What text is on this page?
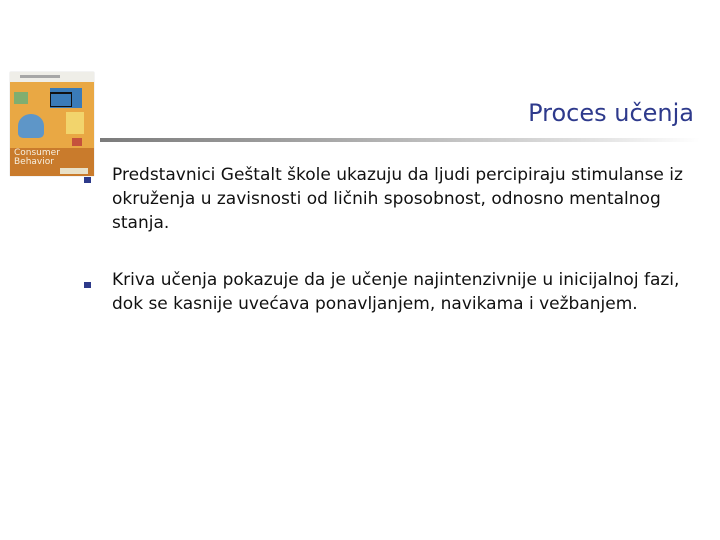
Consumer
Behavior
Proces učenja
Predstavnici Geštalt škole ukazuju da ljudi percipiraju stimulanse iz okruženja u zavisnosti od ličnih sposobnost, odnosno mentalnog stanja.
Kriva učenja pokazuje da je učenje najintenzivnije u inicijalnoj fazi, dok se kasnije uvećava ponavljanjem, navikama i vežbanjem.
